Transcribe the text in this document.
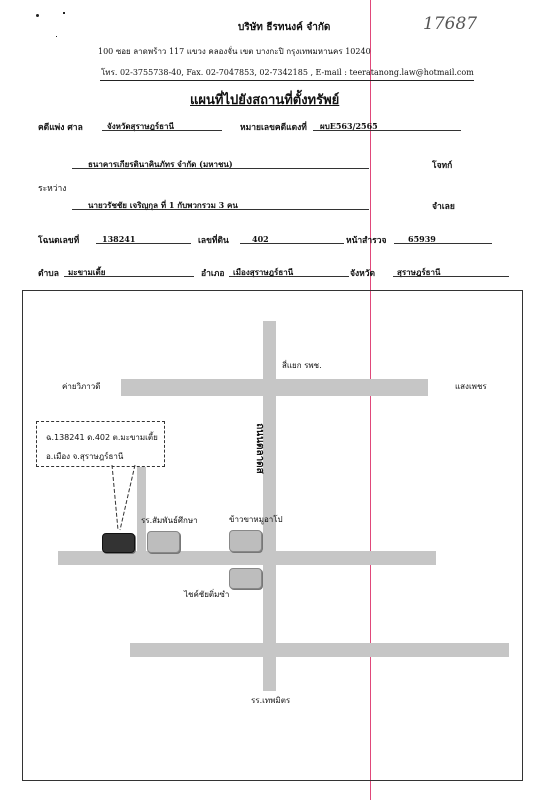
17687
บริษัท ธีรทนงค์ จำกัด
100 ซอย ลาดพร้าว 117 แขวง คลองจั่น เขต บางกะปิ กรุงเทพมหานคร 10240
โทร. 02-3755738-40, Fax. 02-7047853, 02-7342185 , E-mail : teeratanong.law@hotmail.com
แผนที่ไปยังสถานที่ตั้งทรัพย์
คดีแพ่ง ศาล	จังหวัดสุราษฎร์ธานี	หมายเลขคดีแดงที่ ผบE563/2565
ธนาคารเกียรตินาคินภัทร จำกัด (มหาชน)	โจทก์
ระหว่าง
นายวรัชชัย เจริญกุล ที่ 1 กับพวกรวม 3 คน	จำเลย
โฉนดเลขที่	138241	เลขที่ดิน	402	หน้าสำรวจ	65939
ตำบล มะขามเตี้ย	อำเภอ เมืองสุราษฎร์ธานี	จังหวัด	สุราษฎร์ธานี
สี่แยก รพช.
ค่ายวิภาวดี	แสงเพชร
ถนนตลาดส
ฉ.138241 ด.402 ต.มะขามเตี้ย
อ.เมือง จ.สุราษฎร์ธานี
รร.สัมพันธ์ศึกษา	ข้าวขาหมูอาโป
ไชค์ชัยติ่มซำ
รร.เทพมิตร
